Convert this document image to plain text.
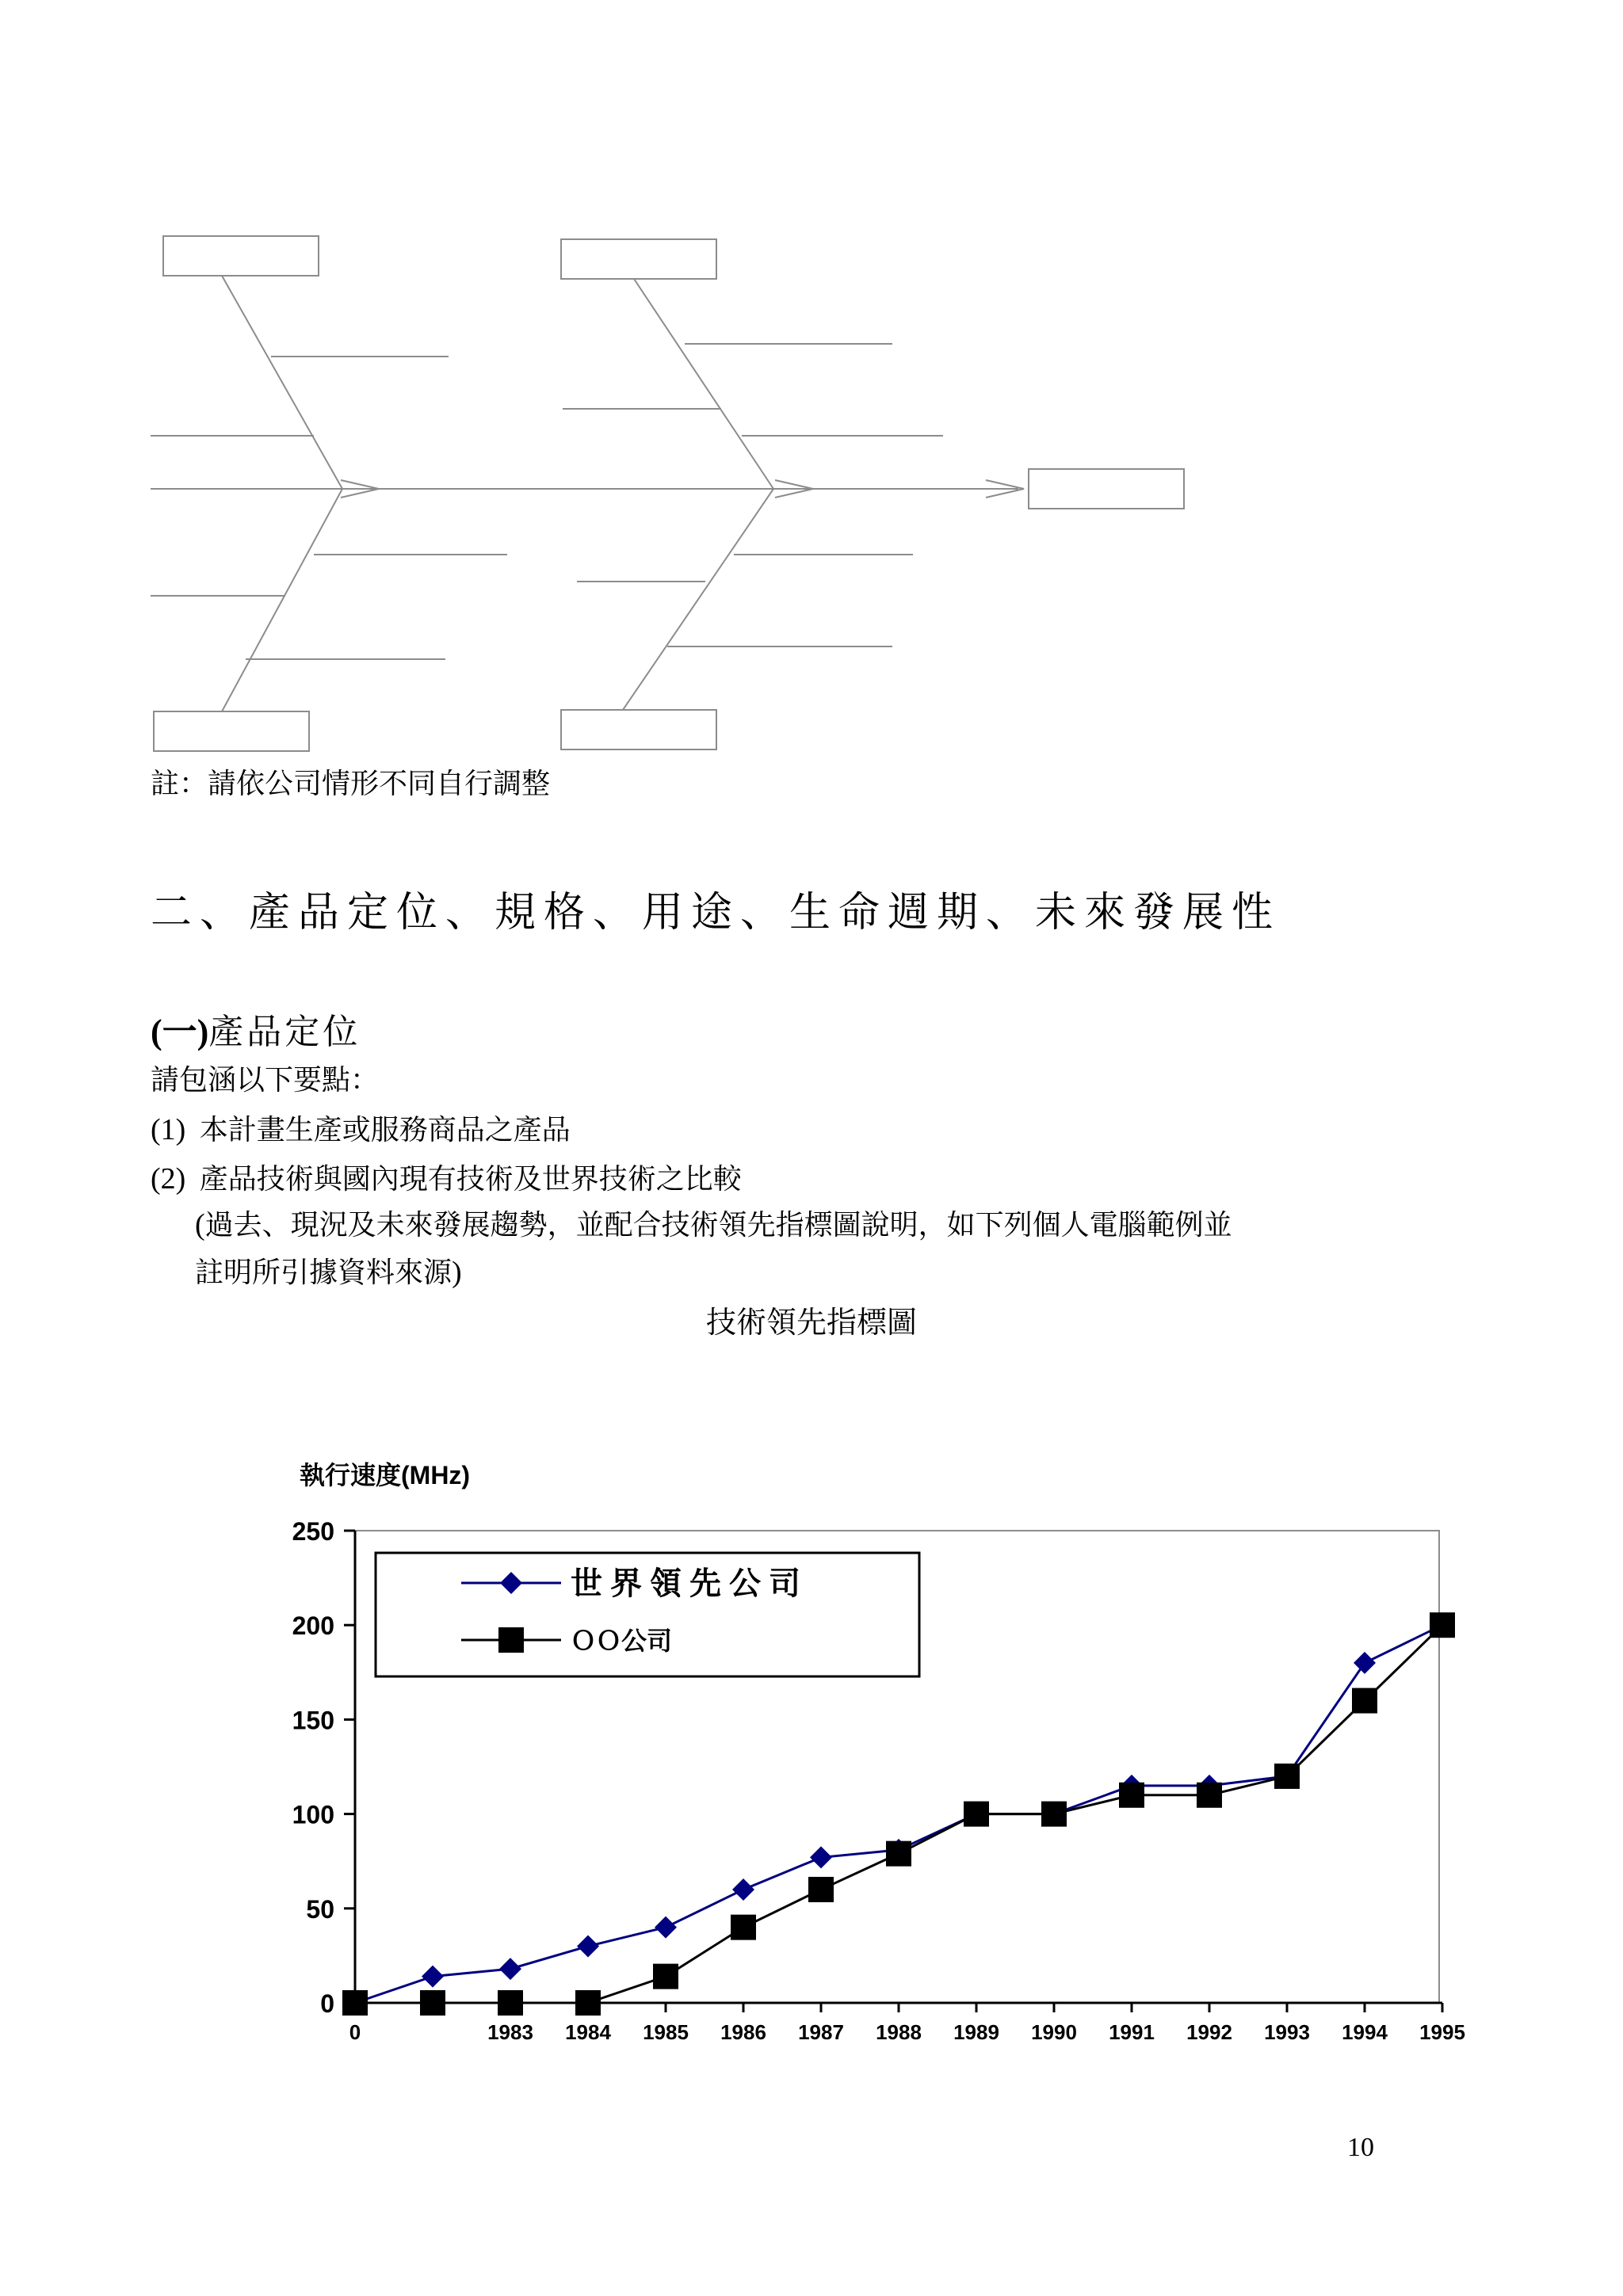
註：請依公司情形不同自行調整
二、產品定位、規格、用途、生命週期、未來發展性
(一)產品定位
請包涵以下要點：
(1) 本計畫生產或服務商品之產品
(2) 產品技術與國內現有技術及世界技術之比較
(過去、現況及未來發展趨勢，並配合技術領先指標圖說明，如下列個人電腦範例並
註明所引據資料來源)
技術領先指標圖
執行速度(MHz)
0
50
100
150
200
250
0	1983 1984 1985 1986 1987 1988 1989 1990 1991 1992 1993 1994 1995
世界領先公司
ＯＯ公司
10
